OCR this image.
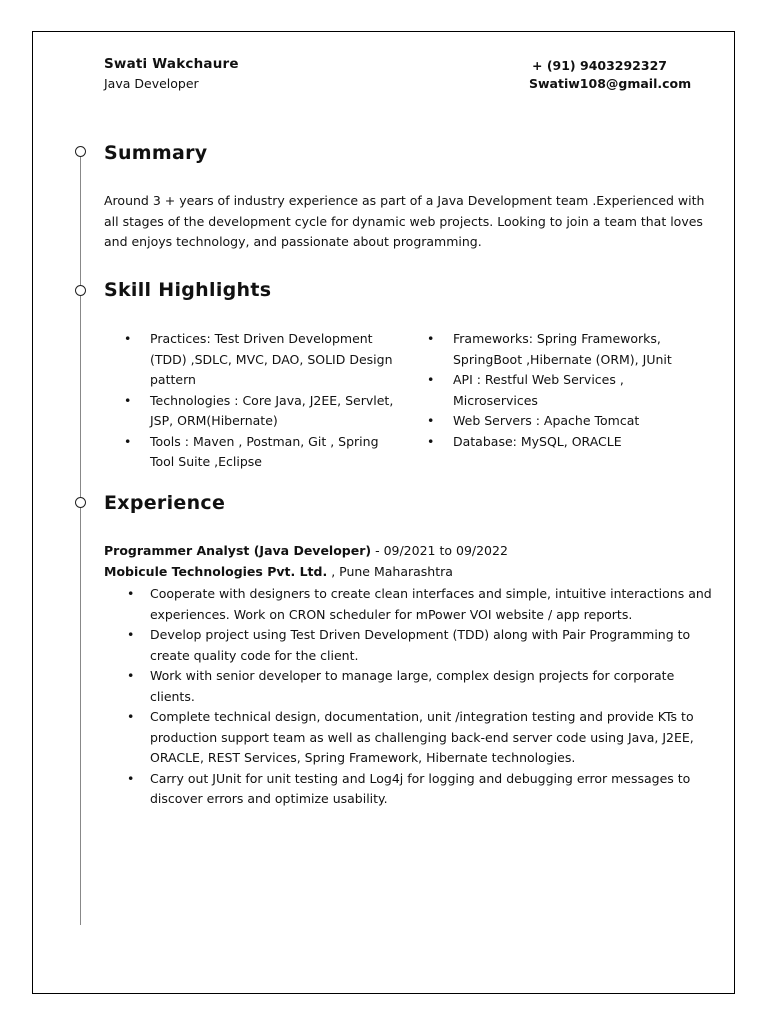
Swati Wakchaure
Java Developer
+ (91) 9403292327
Swatiw108@gmail.com
Summary
Around 3 + years of industry experience as part of a Java Development team .Experienced with all stages of the development cycle for dynamic web projects. Looking to join a team that loves and enjoys technology, and passionate about programming.
Skill Highlights
• Practices: Test Driven Development (TDD) ,SDLC, MVC, DAO, SOLID Design pattern
• Technologies : Core Java, J2EE, Servlet, JSP, ORM(Hibernate)
• Tools : Maven , Postman, Git , Spring Tool Suite ,Eclipse
• Frameworks: Spring Frameworks, SpringBoot ,Hibernate (ORM), JUnit
• API : Restful Web Services , Microservices
• Web Servers : Apache Tomcat
• Database: MySQL, ORACLE
Experience
Programmer Analyst (Java Developer) - 09/2021 to 09/2022
Mobicule Technologies Pvt. Ltd. , Pune Maharashtra
• Cooperate with designers to create clean interfaces and simple, intuitive interactions and experiences. Work on CRON scheduler for mPower VOI website / app reports.
• Develop project using Test Driven Development (TDD) along with Pair Programming to create quality code for the client.
• Work with senior developer to manage large, complex design projects for corporate clients.
• Complete technical design, documentation, unit /integration testing and provide KTs to production support team as well as challenging back-end server code using Java, J2EE, ORACLE, REST Services, Spring Framework, Hibernate technologies.
• Carry out JUnit for unit testing and Log4j for logging and debugging error messages to discover errors and optimize usability.
